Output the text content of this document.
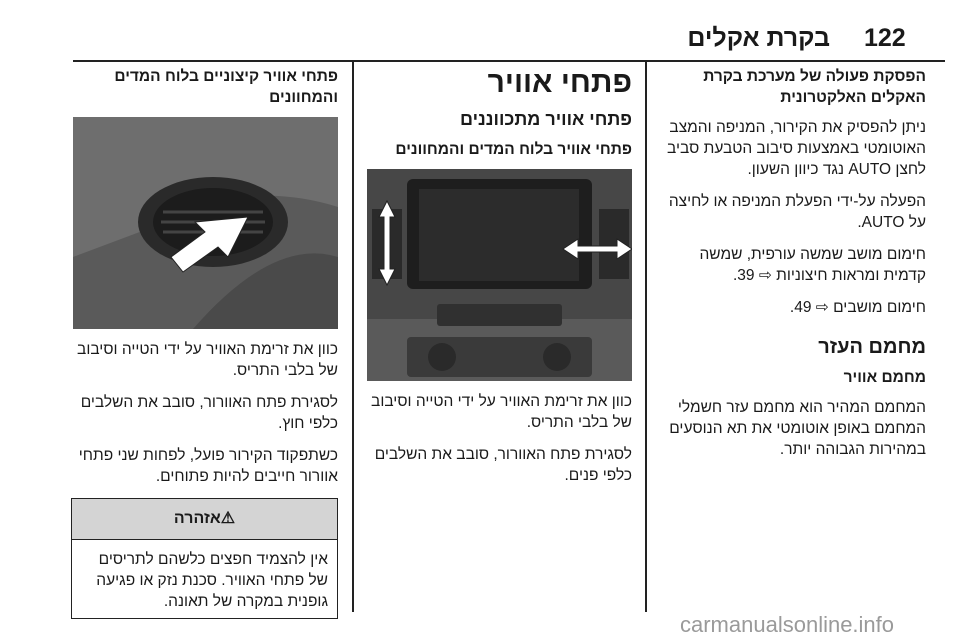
122
בקרת אקלים
הפסקת פעולה של מערכת בקרת האקלים האלקטרונית

ניתן להפסיק את הקירור, המניפה והמצב האוטומטי באמצעות סיבוב הטבעת סביב לחצן AUTO נגד כיוון השעון.

הפעלה על-ידי הפעלת המניפה או לחיצה על AUTO.

חימום מושב שמשה עורפית, שמשה קדמית ומראות חיצוניות ⇨ 39.

חימום מושבים ⇨ 49.

מחמם העזר
מחמם אוויר

המחמם המהיר הוא מחמם עזר חשמלי המחמם באופן אוטומטי את תא הנוסעים במהירות הגבוהה יותר.

פתחי אוויר
פתחי אוויר מתכווננים
פתחי אוויר בלוח המדים והמחוונים

כוון את זרימת האוויר על ידי הטייה וסיבוב של בלבי התריס.

לסגירת פתח האוורור, סובב את השלבים כלפי פנים.

פתחי אוויר קיצוניים בלוח המדים והמחוונים

כוון את זרימת האוויר על ידי הטייה וסיבוב של בלבי התריס.

לסגירת פתח האוורור, סובב את השלבים כלפי חוץ.

כשתפקוד הקירור פועל, לפחות שני פתחי אוורור חייבים להיות פתוחים.

⚠אזהרה
אין להצמיד חפצים כלשהם לתריסים של פתחי האוויר. סכנת נזק או פגיעה גופנית במקרה של תאונה.
carmanualsonline.info
